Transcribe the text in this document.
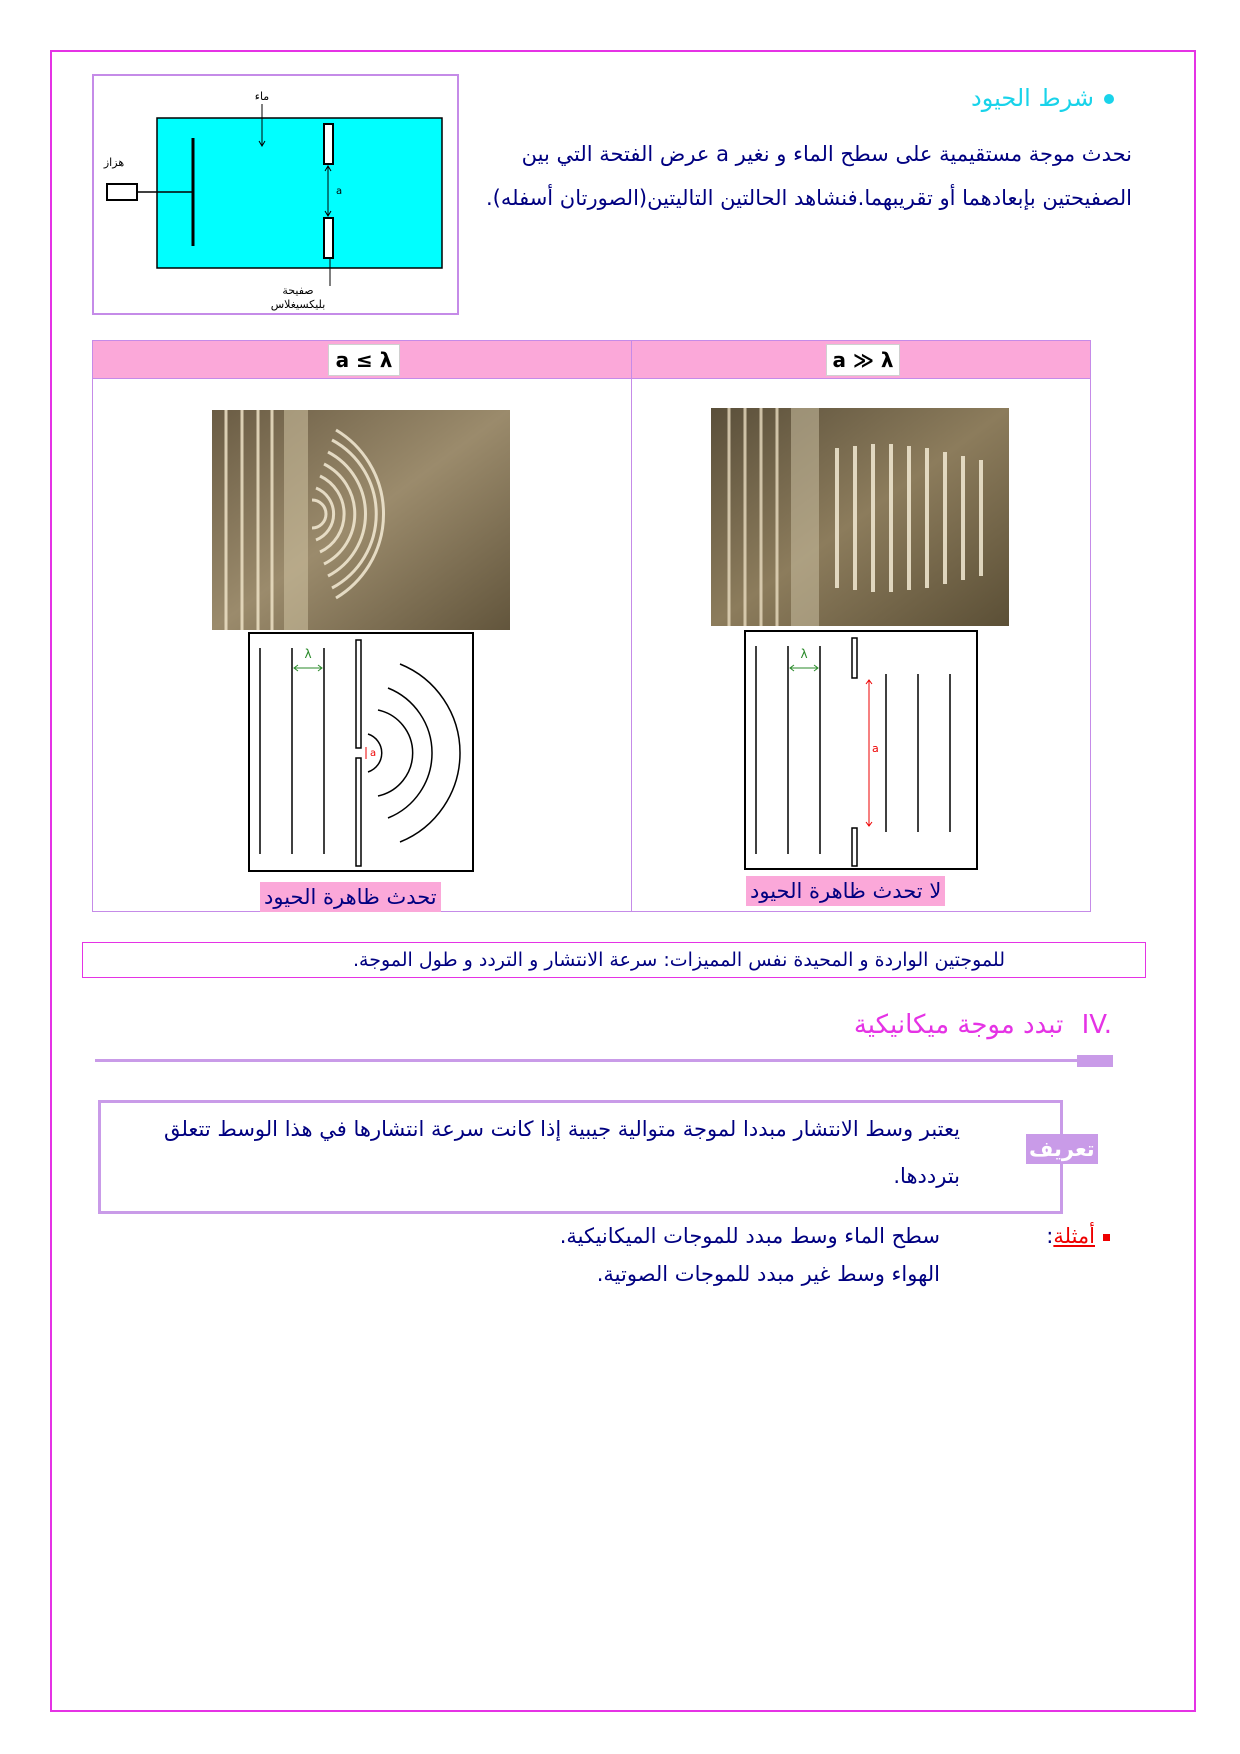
ماء
هزاز
a
صفيحة
بليكسيغلاس
شرط الحيود
نحدث موجة مستقيمية على سطح الماء و نغير a عرض الفتحة التي بين الصفيحتين بإبعادهما أو تقريبهما.فنشاهد الحالتين التاليتين(الصورتان أسفله).
a ≫ λ
a ≤ λ
λ
a
λ
a
لا تحدث ظاهرة الحيود
تحدث ظاهرة الحيود
للموجتين الواردة و المحيدة نفس المميزات: سرعة الانتشار و التردد و طول الموجة.
IV. تبدد موجة ميكانيكية
تعريف
يعتبر وسط الانتشار مبددا لموجة متوالية جيبية إذا كانت سرعة انتشارها في هذا الوسط تتعلق بترددها.
أمثلة:
سطح الماء وسط مبدد للموجات الميكانيكية.
الهواء وسط غير مبدد للموجات الصوتية.
